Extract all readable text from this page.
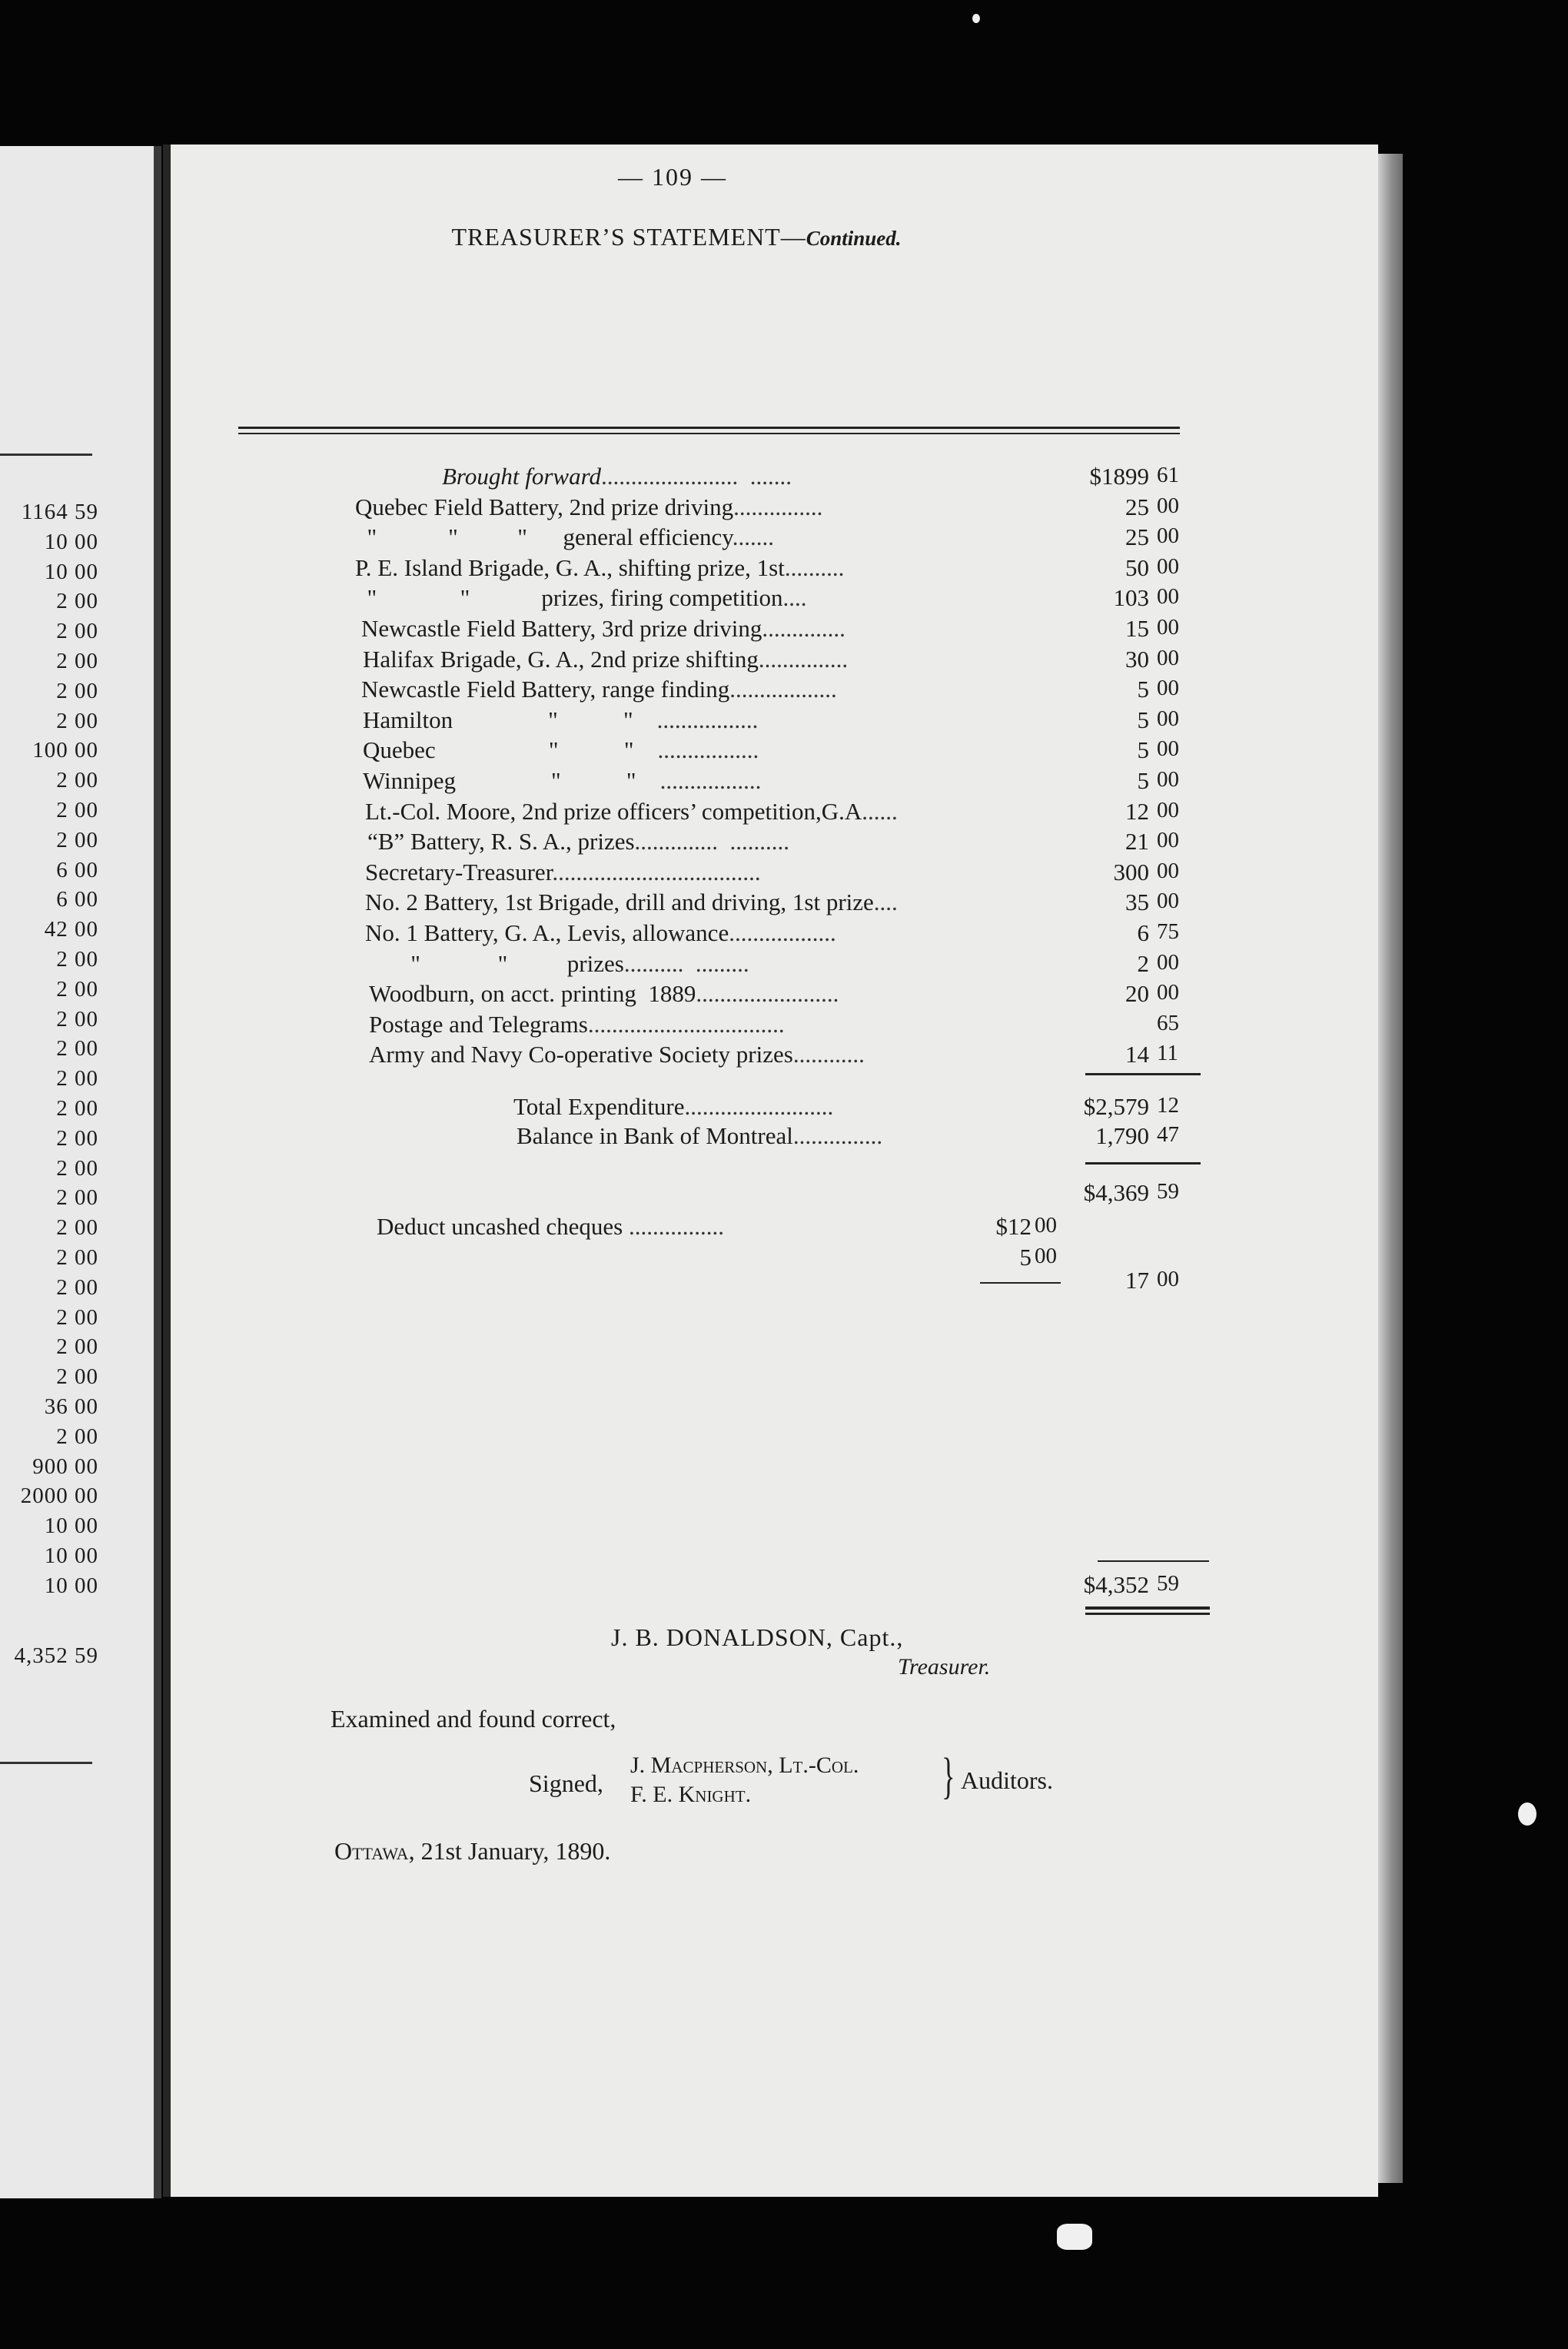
1164 59
10 00
10 00
2 00
2 00
2 00
2 00
2 00
100 00
2 00
2 00
2 00
6 00
6 00
42 00
2 00
2 00
2 00
2 00
2 00
2 00
2 00
2 00
2 00
2 00
2 00
2 00
2 00
2 00
2 00
36 00
2 00
900 00
2000 00
10 00
10 00
10 00
4,352 59
— 109 —
TREASURER’S STATEMENT—Continued.
Brought forward.......................  .......	$1899 61
Quebec Field Battery, 2nd prize driving...............	25 00
"            "          "      general efficiency.......	25 00
P. E. Island Brigade, G. A., shifting prize, 1st..........	50 00
"              "            prizes, firing competition....	103 00
Newcastle Field Battery, 3rd prize driving..............	15 00
Halifax Brigade, G. A., 2nd prize shifting...............	30 00
Newcastle Field Battery, range finding..................	5 00
Hamilton                "           "    .................	5 00
Quebec                   "           "    .................	5 00
Winnipeg                "           "    .................	5 00
Lt.-Col. Moore, 2nd prize officers’ competition,G.A......	12 00
“B” Battery, R. S. A., prizes..............  ..........	21 00
Secretary-Treasurer...................................	300 00
No. 2 Battery, 1st Brigade, drill and driving, 1st prize....	35 00
No. 1 Battery, G. A., Levis, allowance..................	6 75
"             "          prizes..........  .........	2 00
Woodburn, on acct. printing  1889........................	20 00
Postage and Telegrams.................................	65
Army and Navy Co-operative Society prizes............	14 11
Total Expenditure.........................	$2,579 12
Balance in Bank of Montreal...............	1,790 47
$4,369 59
Deduct uncashed cheques ................	$12 00
5 00
17 00
$4,352 59
J. B. DONALDSON, Capt.,
Treasurer.
Examined and found correct,
Signed,
J. Macpherson, Lt.-Col.
F. E. Knight.	} Auditors.
Ottawa, 21st January, 1890.
